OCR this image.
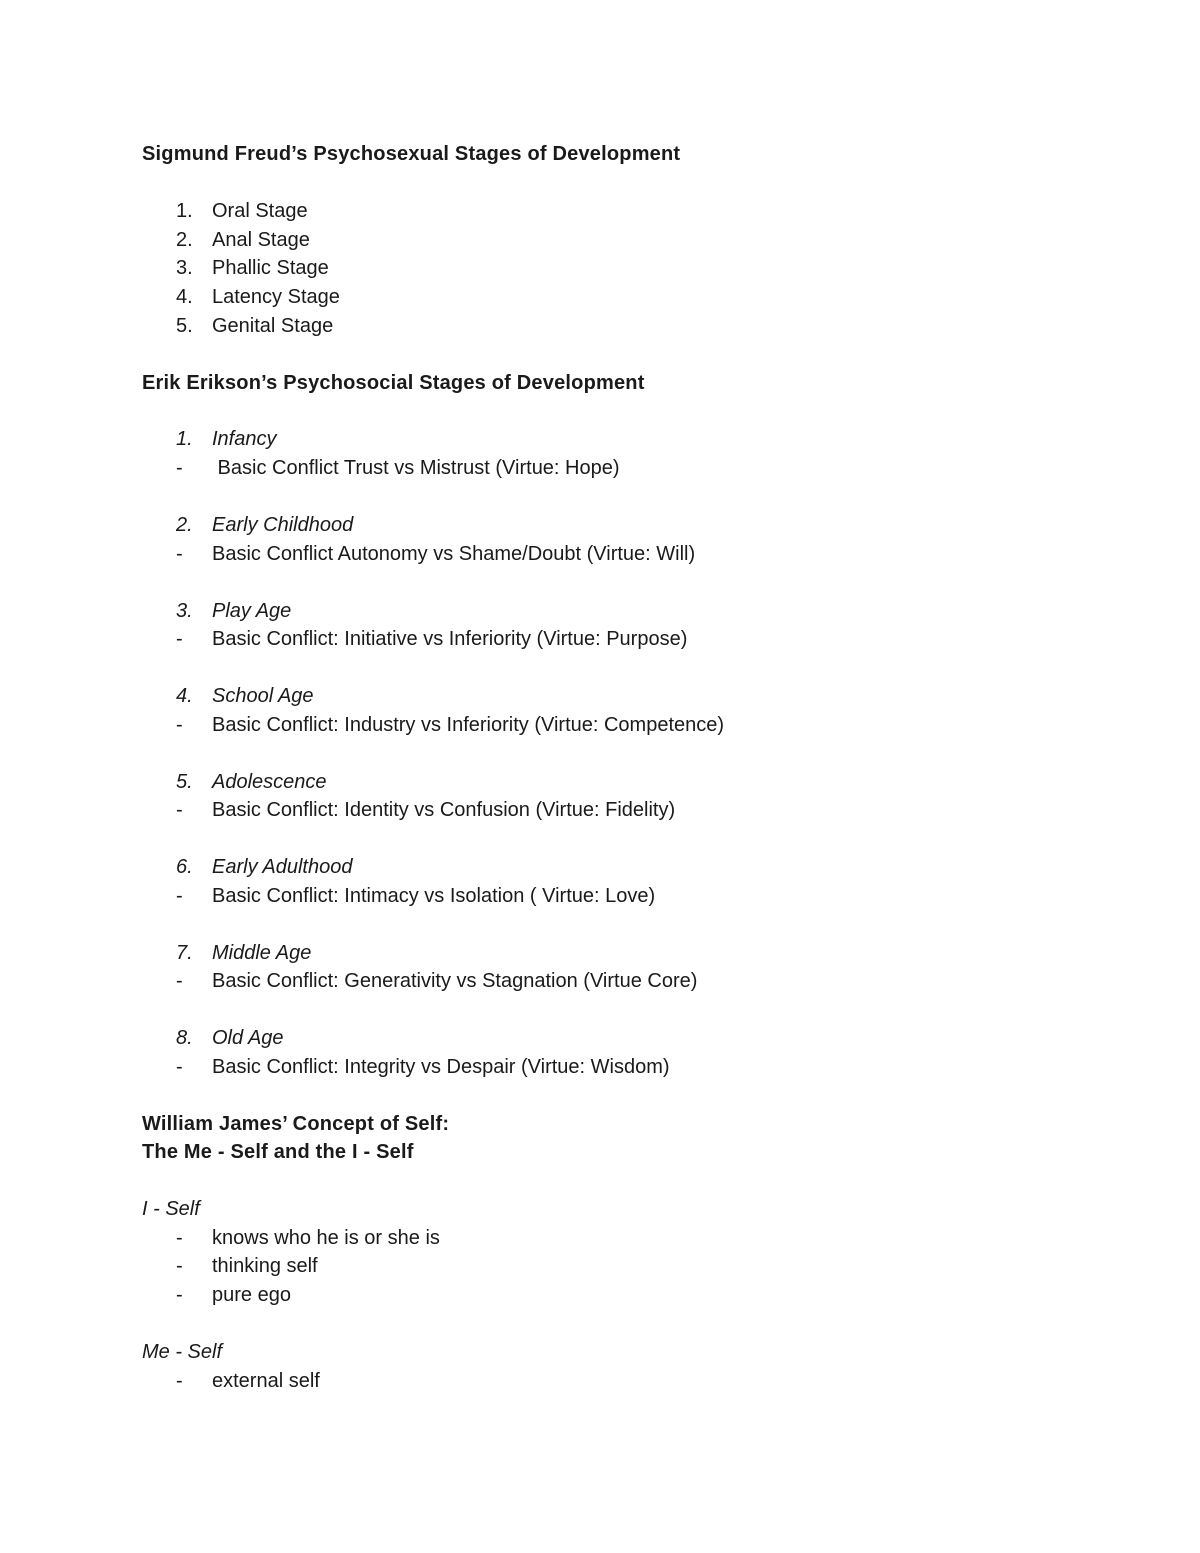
Sigmund Freud’s Psychosexual Stages of Development
1. Oral Stage
2. Anal Stage
3. Phallic Stage
4. Latency Stage
5. Genital Stage
Erik Erikson’s Psychosocial Stages of Development
1. Infancy
- Basic Conflict Trust vs Mistrust (Virtue: Hope)
2. Early Childhood
- Basic Conflict Autonomy vs Shame/Doubt (Virtue: Will)
3. Play Age
- Basic Conflict: Initiative vs Inferiority (Virtue: Purpose)
4. School Age
- Basic Conflict: Industry vs Inferiority (Virtue: Competence)
5. Adolescence
- Basic Conflict: Identity vs Confusion (Virtue: Fidelity)
6. Early Adulthood
- Basic Conflict: Intimacy vs Isolation ( Virtue: Love)
7. Middle Age
- Basic Conflict: Generativity vs Stagnation (Virtue Core)
8. Old Age
- Basic Conflict: Integrity vs Despair (Virtue: Wisdom)
William James’ Concept of Self:
The Me - Self and the I - Self
I - Self
- knows who he is or she is
- thinking self
- pure ego
Me - Self
- external self
